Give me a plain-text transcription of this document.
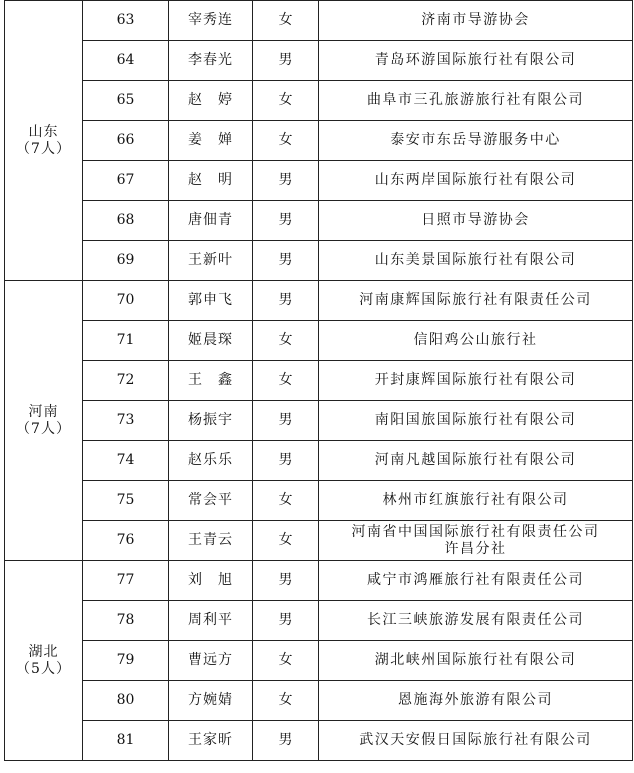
山东
（7人）	63	宰秀连	女	济南市导游协会
	64	李春光	男	青岛环游国际旅行社有限公司
	65	赵　婷	女	曲阜市三孔旅游旅行社有限公司
	66	姜　婵	女	泰安市东岳导游服务中心
	67	赵　明	男	山东两岸国际旅行社有限公司
	68	唐佃青	男	日照市导游协会
	69	王新叶	男	山东美景国际旅行社有限公司

河南
（7人）	70	郭申飞	男	河南康辉国际旅行社有限责任公司
	71	姬晨琛	女	信阳鸡公山旅行社
	72	王　鑫	女	开封康辉国际旅行社有限公司
	73	杨振宇	男	南阳国旅国际旅行社有限公司
	74	赵乐乐	男	河南凡越国际旅行社有限公司
	75	常会平	女	林州市红旗旅行社有限公司
	76	王青云	女	河南省中国国际旅行社有限责任公司
许昌分社

湖北
（5人）	77	刘　旭	男	咸宁市鸿雁旅行社有限责任公司
	78	周利平	男	长江三峡旅游发展有限责任公司
	79	曹远方	女	湖北峡州国际旅行社有限公司
	80	方婉婧	女	恩施海外旅游有限公司
	81	王家昕	男	武汉天安假日国际旅行社有限公司
